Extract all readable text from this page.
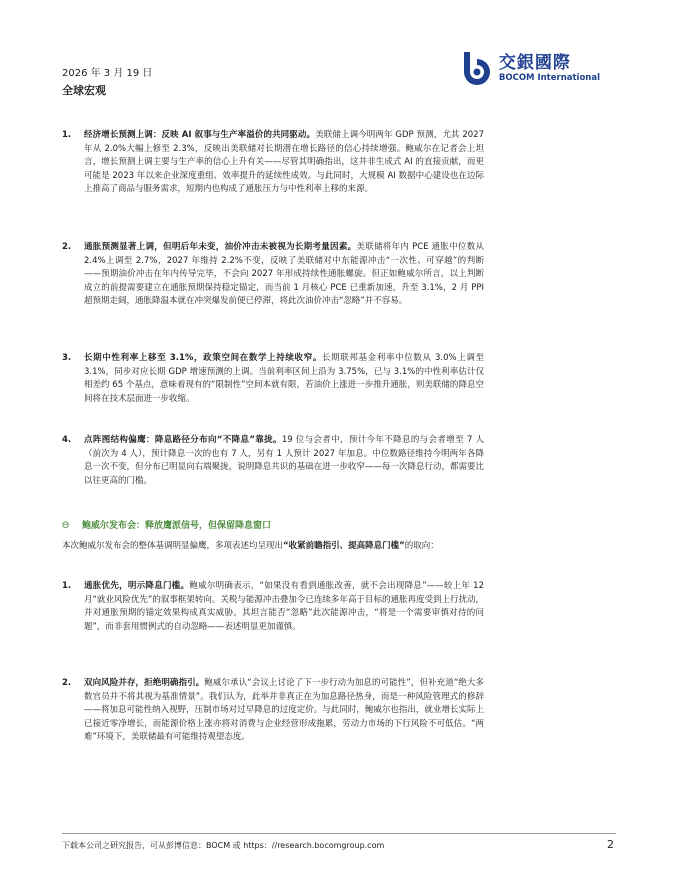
2026 年 3 月 19 日
全球宏观
交銀國際
BOCOM International
1. 经济增长预测上调：反映 AI 叙事与生产率溢价的共同驱动。美联储上调今明两年 GDP 预测，尤其 2027 年从 2.0%大幅上修至 2.3%，反映出美联储对长期潜在增长路径的信心持续增强。鲍威尔在记者会上坦言，增长预测上调主要与生产率的信心上升有关——尽管其明确指出，这并非生成式 AI 的直接贡献，而更可能是 2023 年以来企业深度重组、效率提升的延续性成效。与此同时，大规模 AI 数据中心建设也在边际上推高了商品与服务需求，短期内也构成了通胀压力与中性利率上移的来源。
2. 通胀预测显著上调，但明后年未变，油价冲击未被视为长期考量因素。美联储将年内 PCE 通胀中位数从 2.4%上调至 2.7%，2027 年维持 2.2%不变，反映了美联储对中东能源冲击“一次性、可穿越”的判断——预期油价冲击在年内传导完毕，不会向 2027 年形成持续性通胀螺旋。但正如鲍威尔所言，以上判断成立的前提需要建立在通胀预期保持稳定锚定，而当前 1 月核心 PCE 已重新加速，升至 3.1%，2 月 PPI 超预期走阔，通胀降温本就在冲突爆发前便已停滞，将此次油价冲击“忽略”并不容易。
3. 长期中性利率上移至 3.1%，政策空间在数学上持续收窄。长期联邦基金利率中位数从 3.0%上调至 3.1%，同步对应长期 GDP 增速预测的上调。当前利率区间上沿为 3.75%，已与 3.1%的中性利率估计仅相差约 65 个基点，意味着现有的“限制性”空间本就有限，若油价上涨进一步推升通胀，则美联储的降息空间将在技术层面进一步收缩。
4. 点阵图结构偏鹰：降息路径分布向“不降息”靠拢。19 位与会者中，预计今年不降息的与会者增至 7 人（前次为 4 人），预计降息一次的也有 7 人，另有 1 人预计 2027 年加息。中位数路径维持今明两年各降息一次不变，但分布已明显向右端聚拢，说明降息共识的基础在进一步收窄——每一次降息行动，都需要比以往更高的门槛。
Θ 鲍威尔发布会：释放鹰派信号，但保留降息窗口
本次鲍威尔发布会的整体基调明显偏鹰，多项表述均呈现出“收紧前瞻指引、提高降息门槛”的取向：
1. 通胀优先，明示降息门槛。鲍威尔明确表示，“如果没有看到通胀改善，就不会出现降息”——较上年 12 月“就业风险优先”的叙事框架转向。关税与能源冲击叠加令已连续多年高于目标的通胀再度受到上行扰动，并对通胀预期的锚定效果构成真实威胁。其坦言能否“忽略”此次能源冲击，“将是一个需要审慎对待的问题”，而非套用惯例式的自动忽略——表述明显更加谨慎。
2. 双向风险并存，拒绝明确指引。鲍威尔承认“会议上讨论了下一步行动为加息的可能性”，但补充道“绝大多数官员并不将其视为基准情景”。我们认为，此举并非真正在为加息路径热身，而是一种风险管理式的修辞——将加息可能性纳入视野，压制市场对过早降息的过度定价。与此同时，鲍威尔也指出，就业增长实际上已接近零净增长，而能源价格上涨亦将对消费与企业经营形成拖累，劳动力市场的下行风险不可低估。“两难”环境下，美联储最有可能维持观望态度。
下载本公司之研究报告，可从彭博信息：BOCM 或 https：//research.bocomgroup.com	2
